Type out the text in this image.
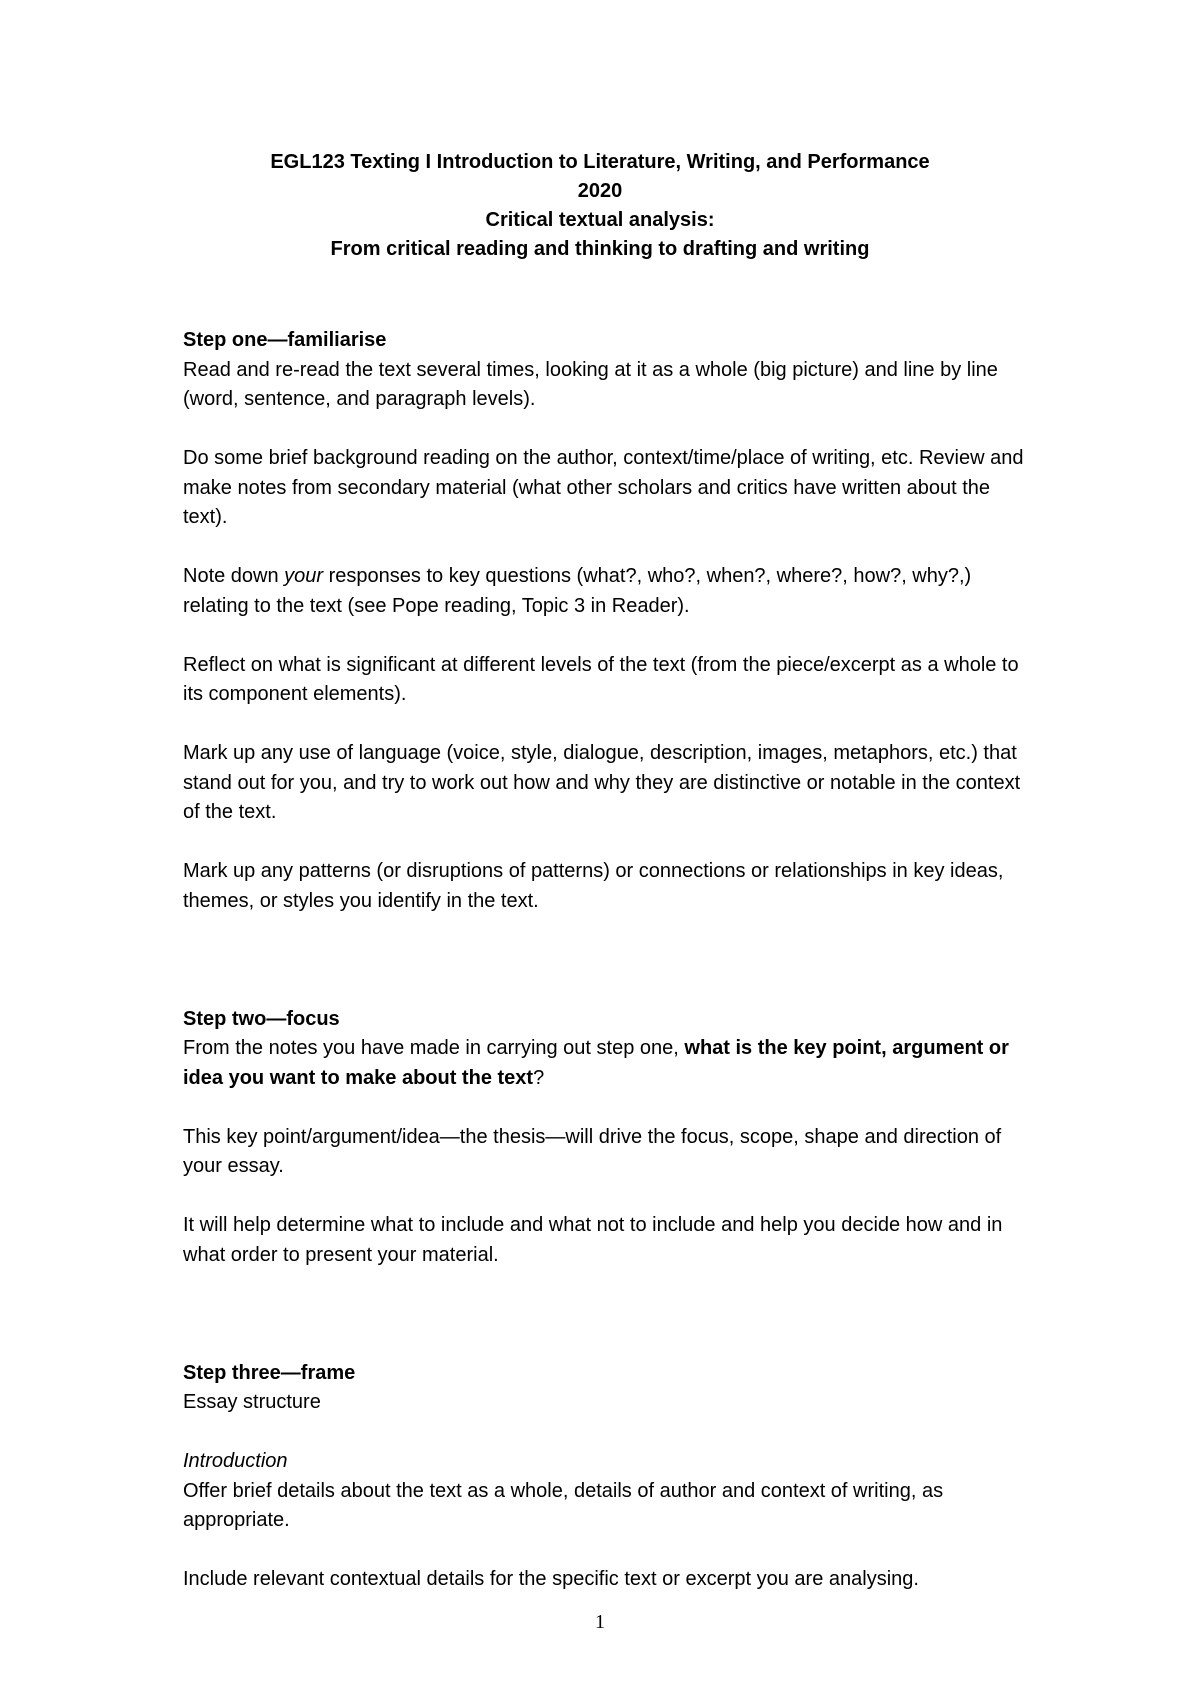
EGL123 Texting I Introduction to Literature, Writing, and Performance
2020
Critical textual analysis:
From critical reading and thinking to drafting and writing

Step one—familiarise

Read and re-read the text several times, looking at it as a whole (big picture) and line by line (word, sentence, and paragraph levels).

Do some brief background reading on the author, context/time/place of writing, etc. Review and make notes from secondary material (what other scholars and critics have written about the text).

Note down your responses to key questions (what?, who?, when?, where?, how?, why?,) relating to the text (see Pope reading, Topic 3 in Reader).

Reflect on what is significant at different levels of the text (from the piece/excerpt as a whole to its component elements).

Mark up any use of language (voice, style, dialogue, description, images, metaphors, etc.) that stand out for you, and try to work out how and why they are distinctive or notable in the context of the text.

Mark up any patterns (or disruptions of patterns) or connections or relationships in key ideas, themes, or styles you identify in the text.

Step two—focus

From the notes you have made in carrying out step one, what is the key point, argument or idea you want to make about the text?

This key point/argument/idea—the thesis—will drive the focus, scope, shape and direction of your essay.

It will help determine what to include and what not to include and help you decide how and in what order to present your material.

Step three—frame

Essay structure

Introduction

Offer brief details about the text as a whole, details of author and context of writing, as appropriate.

Include relevant contextual details for the specific text or excerpt you are analysing.

1
